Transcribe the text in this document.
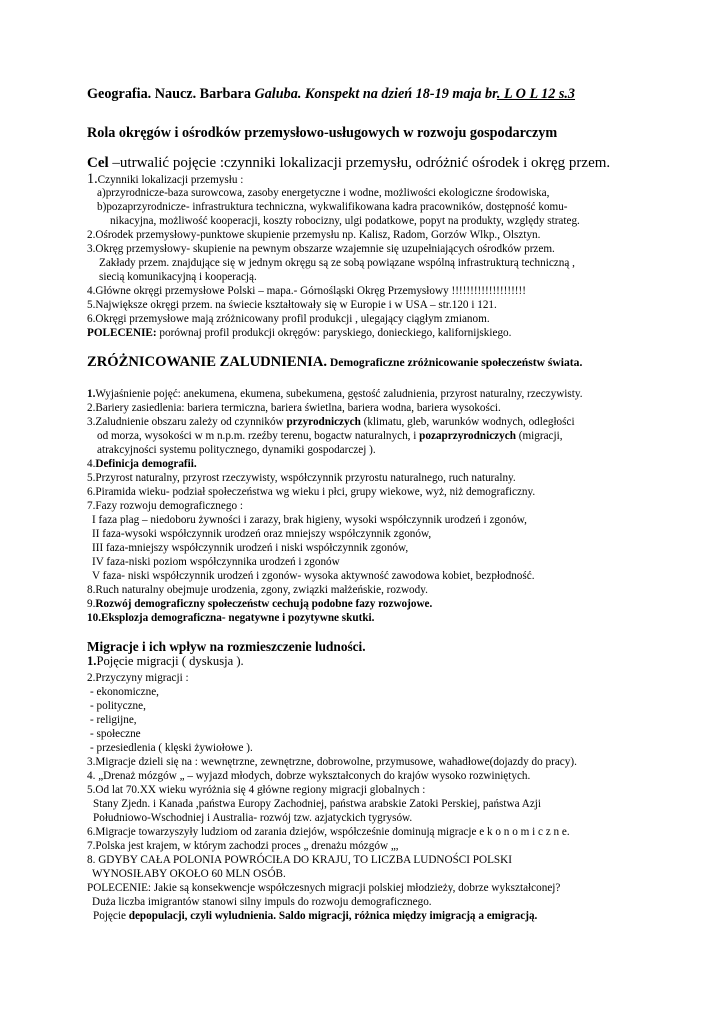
Geografia. Naucz. Barbara Galuba. Konspekt na dzień 18-19 maja br. L O L 12 s.3
Rola okręgów i ośrodków przemysłowo-usługowych w rozwoju gospodarczym
Cel –utrwalić pojęcie :czynniki lokalizacji przemysłu, odróżnić ośrodek i okręg przem.
1.Czynniki lokalizacji przemysłu :
a)przyrodnicze-baza surowcowa, zasoby energetyczne i wodne, możliwości ekologiczne środowiska,
b)pozaprzyrodnicze- infrastruktura techniczna, wykwalifikowana kadra pracowników, dostępność komu-
nikacyjna, możliwość kooperacji, koszty robocizny, ulgi podatkowe, popyt na produkty, względy strateg.
2.Ośrodek przemysłowy-punktowe skupienie przemysłu np. Kalisz, Radom, Gorzów Wlkp., Olsztyn.
3.Okręg przemysłowy- skupienie na pewnym obszarze wzajemnie się uzupełniających ośrodków przem.
Zakłady przem. znajdujące się w jednym okręgu są ze sobą powiązane wspólną infrastrukturą techniczną ,
siecią komunikacyjną i kooperacją.
4.Główne okręgi przemysłowe Polski – mapa.- Górnośląski Okręg Przemysłowy !!!!!!!!!!!!!!!!!!!!
5.Największe okręgi przem. na świecie kształtowały się w Europie i w USA – str.120 i 121.
6.Okręgi przemysłowe mają zróżnicowany profil produkcji , ulegający ciągłym zmianom.
POLECENIE: porównaj profil produkcji okręgów: paryskiego, donieckiego, kalifornijskiego.
ZRÓŻNICOWANIE ZALUDNIENIA. Demograficzne zróżnicowanie społeczeństw świata.
1.Wyjaśnienie pojęć: anekumena, ekumena, subekumena, gęstość zaludnienia, przyrost naturalny, rzeczywisty.
2.Bariery zasiedlenia: bariera termiczna, bariera świetlna, bariera wodna, bariera wysokości.
3.Zaludnienie obszaru zależy od czynników przyrodniczych (klimatu, gleb, warunków wodnych, odległości
od morza, wysokości w m n.p.m. rzeźby terenu, bogactw naturalnych, i pozaprzyrodniczych (migracji,
atrakcyjności systemu politycznego, dynamiki gospodarczej ).
4.Definicja demografii.
5.Przyrost naturalny, przyrost rzeczywisty, współczynnik przyrostu naturalnego, ruch naturalny.
6.Piramida wieku- podział społeczeństwa wg wieku i płci, grupy wiekowe, wyż, niż demograficzny.
7.Fazy rozwoju demograficznego :
I faza plag – niedoboru żywności i zarazy, brak higieny, wysoki współczynnik urodzeń i zgonów,
II faza-wysoki współczynnik urodzeń oraz mniejszy współczynnik zgonów,
III faza-mniejszy współczynnik urodzeń i niski współczynnik zgonów,
IV faza-niski poziom współczynnika urodzeń i zgonów
V faza- niski współczynnik urodzeń i zgonów- wysoka aktywność zawodowa kobiet, bezpłodność.
8.Ruch naturalny obejmuje urodzenia, zgony, związki małżeńskie, rozwody.
9.Rozwój demograficzny społeczeństw cechują podobne fazy rozwojowe.
10.Eksplozja demograficzna- negatywne i pozytywne skutki.
Migracje i ich wpływ na rozmieszczenie ludności.
1.Pojęcie migracji ( dyskusja ).
2.Przyczyny migracji :
- ekonomiczne,
- polityczne,
- religijne,
- społeczne
- przesiedlenia ( klęski żywiołowe ).
3.Migracje dzieli się na : wewnętrzne, zewnętrzne, dobrowolne, przymusowe, wahadłowe(dojazdy do pracy).
4. „Drenaż mózgów „ – wyjazd młodych, dobrze wykształconych do krajów wysoko rozwiniętych.
5.Od lat 70.XX wieku wyróżnia się 4 główne regiony migracji globalnych :
Stany Zjedn. i Kanada ,państwa Europy Zachodniej, państwa arabskie Zatoki Perskiej, państwa Azji
Południowo-Wschodniej i Australia- rozwój tzw. azjatyckich tygrysów.
6.Migracje towarzyszyły ludziom od zarania dziejów, współcześnie dominują migracje e k o n o m i c z n e.
7.Polska jest krajem, w którym zachodzi proces „ drenażu mózgów „,
8. GDYBY CAŁA POLONIA POWRÓCIŁA DO KRAJU, TO LICZBA LUDNOŚCI POLSKI
WYNOSIŁABY OKOŁO 60 MLN OSÓB.
POLECENIE: Jakie są konsekwencje współczesnych migracji polskiej młodzieży, dobrze wykształconej?
Duża liczba imigrantów stanowi silny impuls do rozwoju demograficznego.
Pojęcie depopulacji, czyli wyludnienia. Saldo migracji, różnica między imigracją a emigracją.
